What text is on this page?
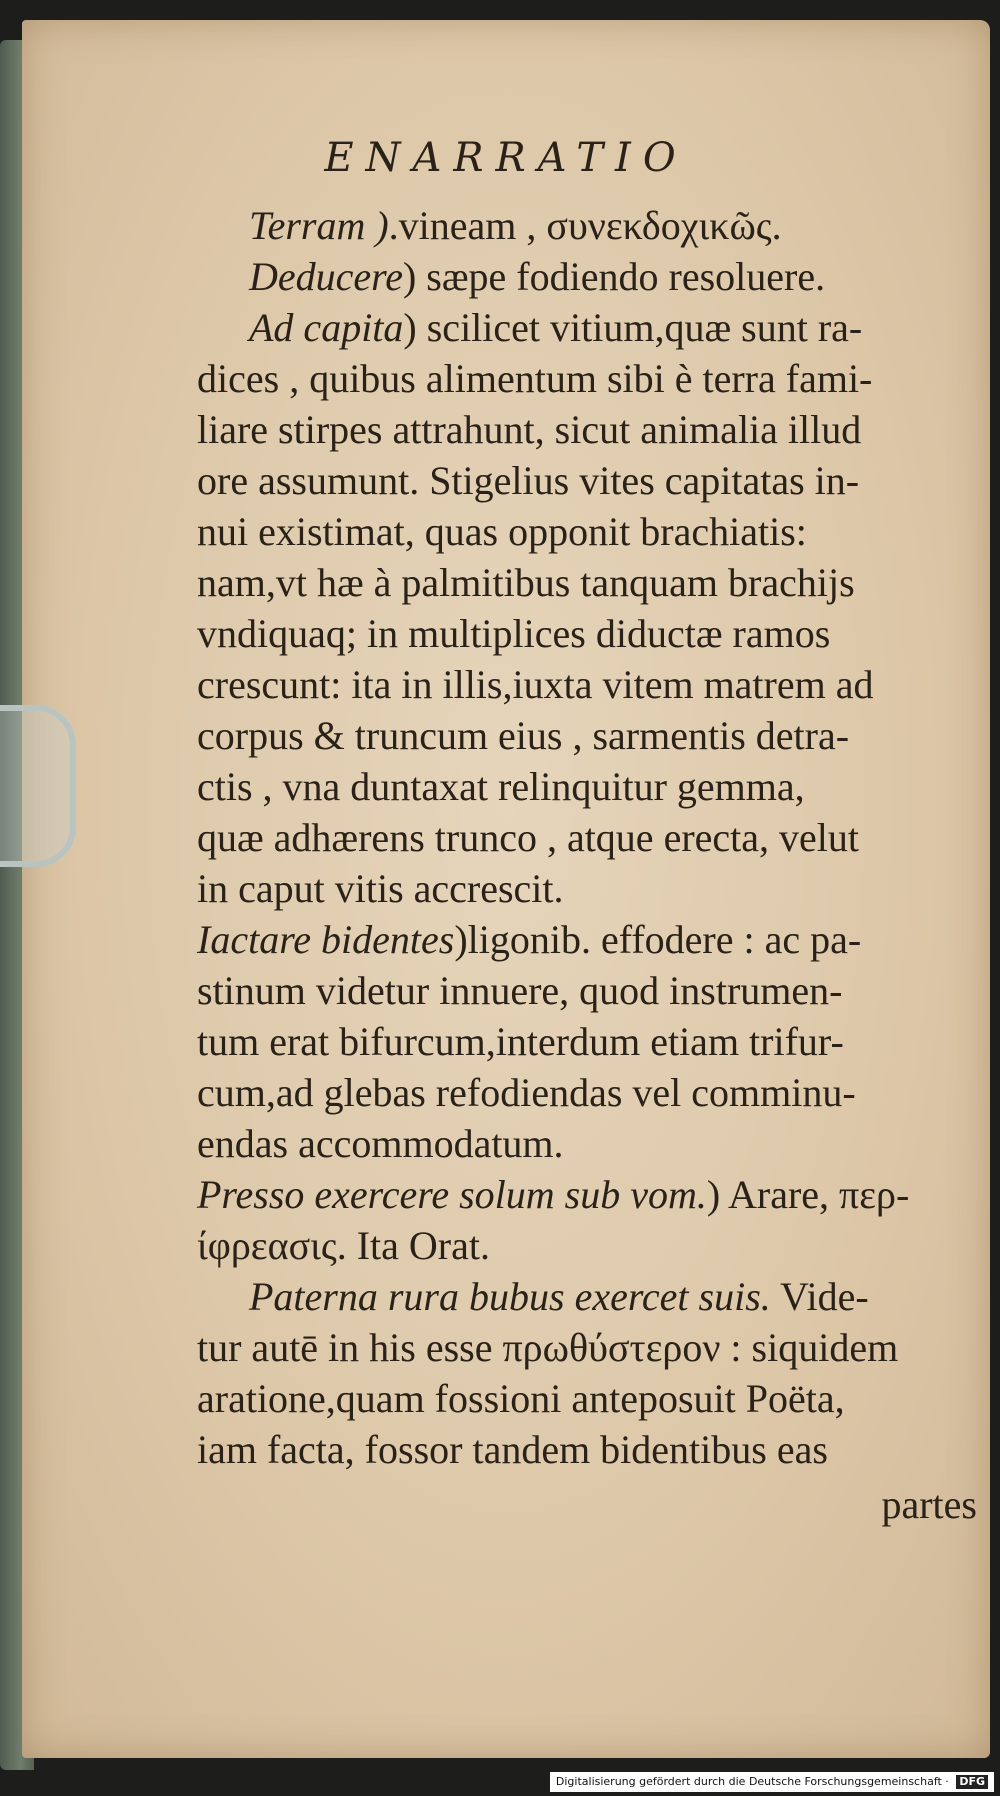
ENARRATIO
Terram ).vineam , συνεκδοχικῶς.
Deducere) sæpe fodiendo resoluere.
Ad capita) scilicet vitium,quæ sunt ra-
dices , quibus alimentum sibi è terra fami-
liare stirpes attrahunt, sicut animalia illud
ore assumunt. Stigelius vites capitatas in-
nui existimat, quas opponit brachiatis:
nam,vt hæ à palmitibus tanquam brachijs
vndiquaq; in multiplices diductæ ramos
crescunt: ita in illis,iuxta vitem matrem ad
corpus & truncum eius , sarmentis detra-
ctis , vna duntaxat relinquitur gemma,
quæ adhærens trunco , atque erecta, velut
in caput vitis accrescit.
Iactare bidentes)ligonib. effodere : ac pa-
stinum videtur innuere, quod instrumen-
tum erat bifurcum,interdum etiam trifur-
cum,ad glebas refodiendas vel comminu-
endas accommodatum.
Presso exercere solum sub vom.) Arare, περ-
ίφρεασις. Ita Orat.
Paterna rura bubus exercet suis. Vide-
tur autē in his esse πρωθύστερον : siquidem
aratione,quam fossioni anteposuit Poëta,
iam facta, fossor tandem bidentibus eas
partes
Digitalisierung gefördert durch die Deutsche Forschungsgemeinschaft · DFG
